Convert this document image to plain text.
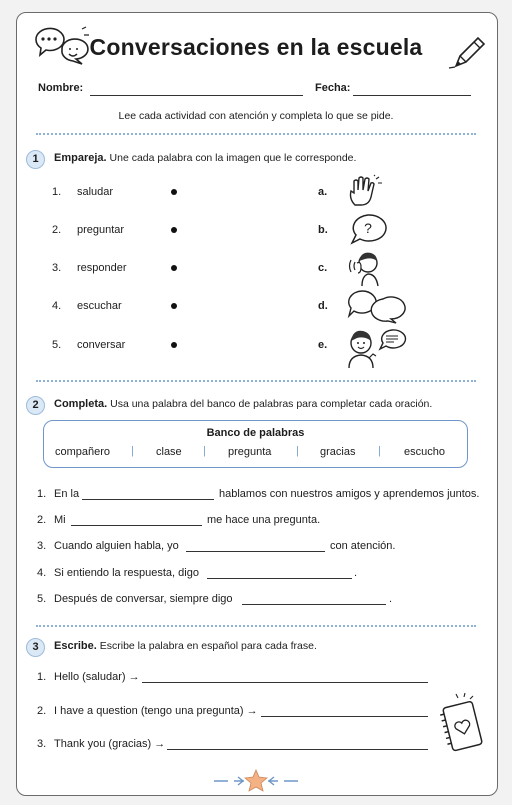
Conversaciones en la escuela
Nombre:	Fecha:
Lee cada actividad con atención y completa lo que se pide.
1	Empareja. Une cada palabra con la imagen que le corresponde.
1. saludar	a.
2. preguntar	b.
3. responder	c.
4. escuchar	d.
5. conversar	e.
?
2	Completa. Usa una palabra del banco de palabras para completar cada oración.
Banco de palabras
compañero | clase | pregunta | gracias | escucho
1. En la	hablamos con nuestros amigos y aprendemos juntos.
2. Mi	me hace una pregunta.
3. Cuando alguien habla, yo	con atención.
4. Si entiendo la respuesta, digo	.
5. Después de conversar, siempre digo	.
3	Escribe. Escribe la palabra en español para cada frase.
1. Hello (saludar) →
2. I have a question (tengo una pregunta) →
3. Thank you (gracias) →
